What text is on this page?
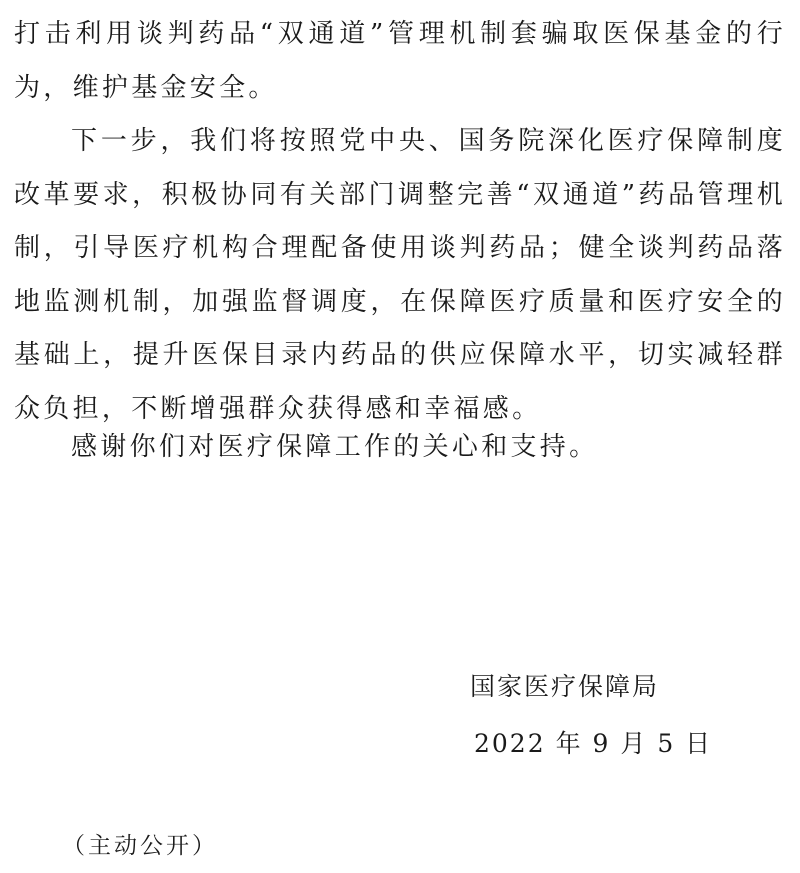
打击利用谈判药品“双通道”管理机制套骗取医保基金的行为，维护基金安全。

下一步，我们将按照党中央、国务院深化医疗保障制度改革要求，积极协同有关部门调整完善“双通道”药品管理机制，引导医疗机构合理配备使用谈判药品；健全谈判药品落地监测机制，加强监督调度，在保障医疗质量和医疗安全的基础上，提升医保目录内药品的供应保障水平，切实减轻群众负担，不断增强群众获得感和幸福感。

感谢你们对医疗保障工作的关心和支持。

国家医疗保障局
2022 年 9 月 5 日
（主动公开）
